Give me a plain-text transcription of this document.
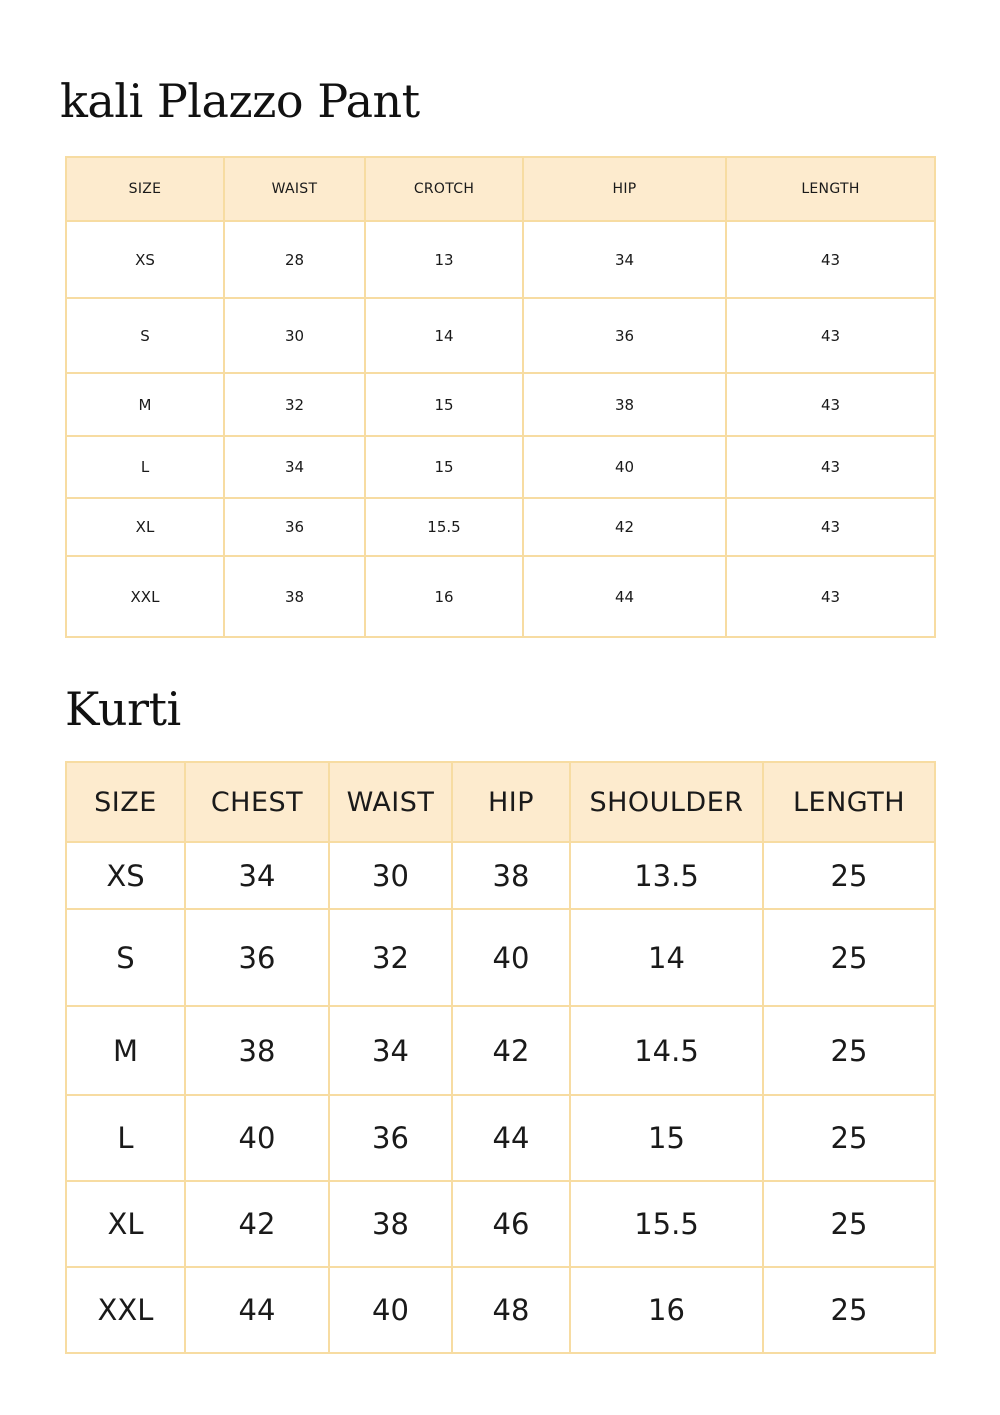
kali Plazzo Pant
SIZE	WAIST	CROTCH	HIP	LENGTH
XS	28	13	34	43
S	30	14	36	43
M	32	15	38	43
L	34	15	40	43
XL	36	15.5	42	43
XXL	38	16	44	43
Kurti
SIZE	CHEST	WAIST	HIP	SHOULDER	LENGTH
XS	34	30	38	13.5	25
S	36	32	40	14	25
M	38	34	42	14.5	25
L	40	36	44	15	25
XL	42	38	46	15.5	25
XXL	44	40	48	16	25
